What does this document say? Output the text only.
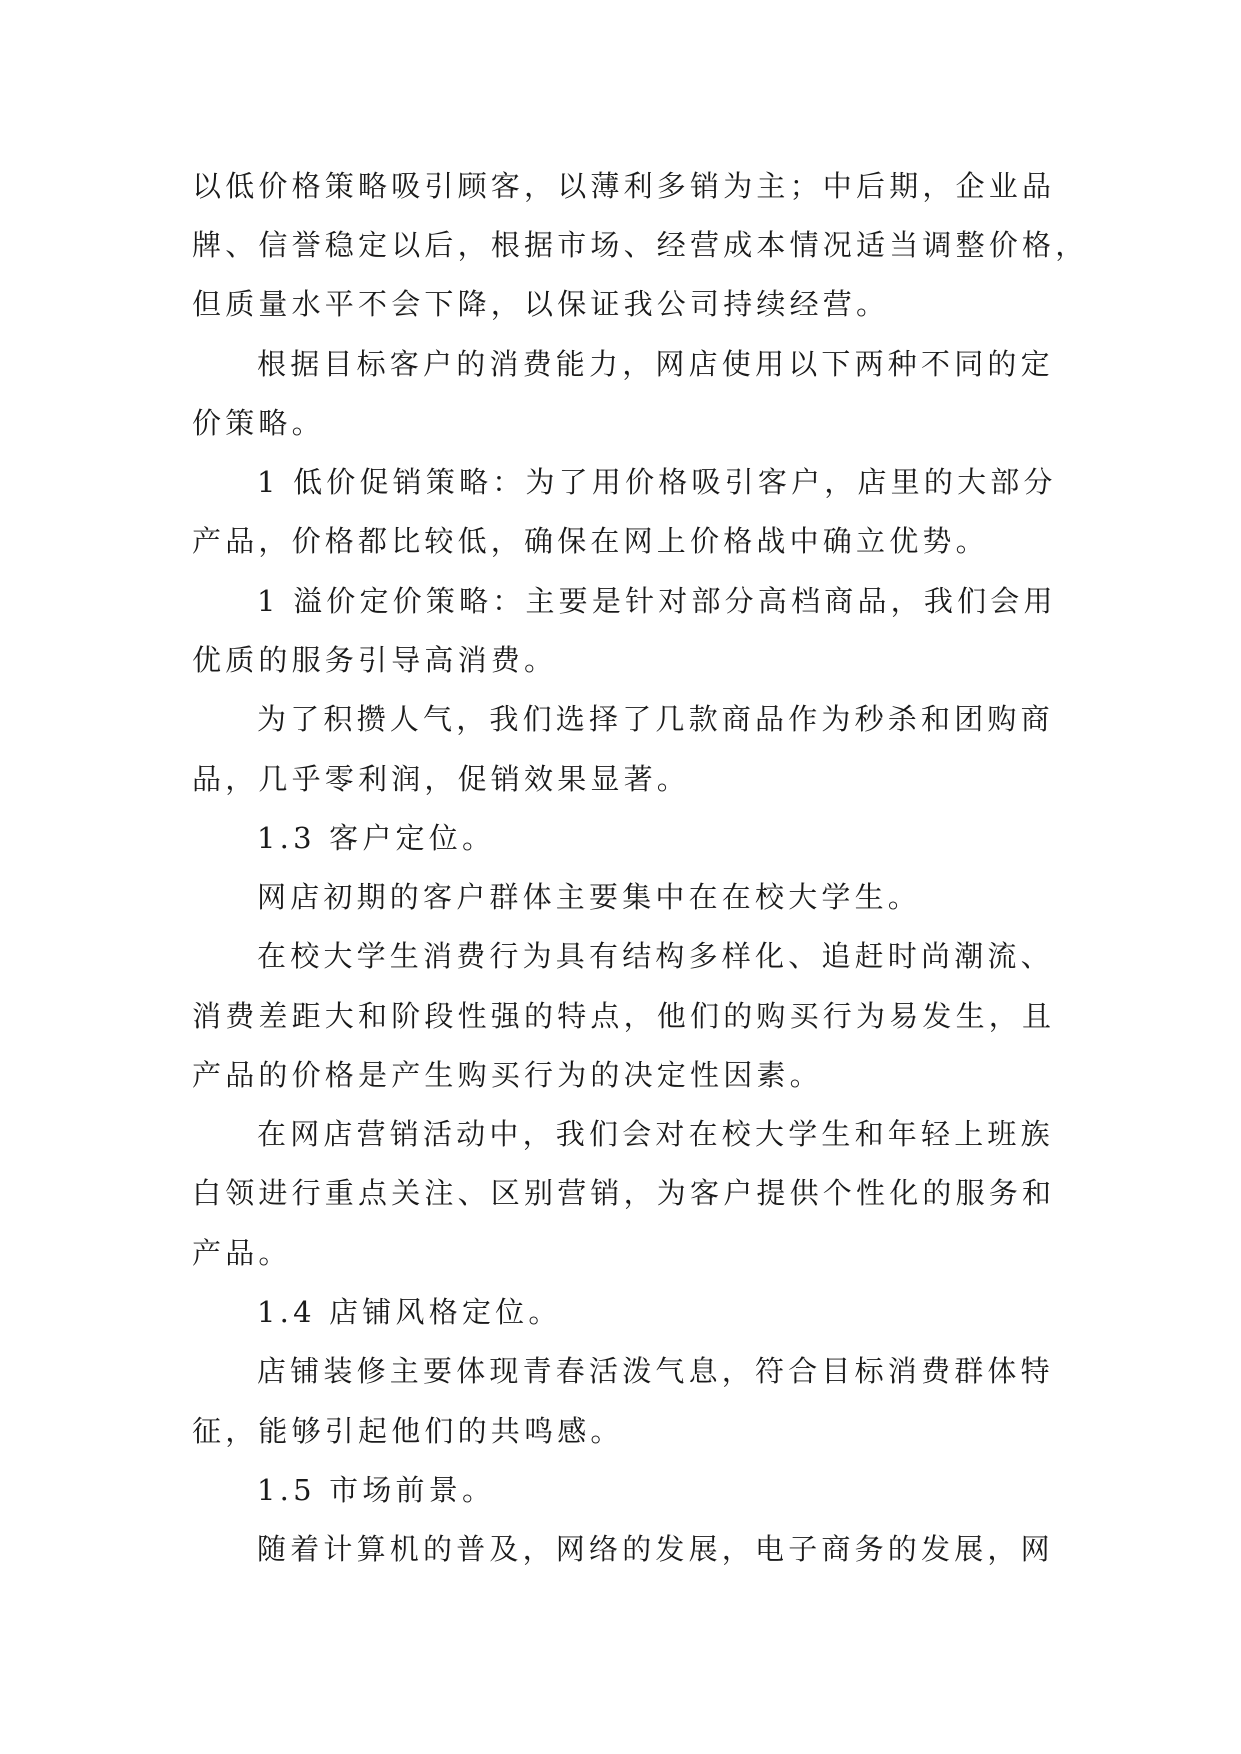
以低价格策略吸引顾客，以薄利多销为主；中后期，企业品
牌、信誉稳定以后，根据市场、经营成本情况适当调整价格，
但质量水平不会下降，以保证我公司持续经营。
根据目标客户的消费能力，网店使用以下两种不同的定
价策略。
1 低价促销策略：为了用价格吸引客户，店里的大部分
产品，价格都比较低，确保在网上价格战中确立优势。
1 溢价定价策略：主要是针对部分高档商品，我们会用
优质的服务引导高消费。
为了积攒人气，我们选择了几款商品作为秒杀和团购商
品，几乎零利润，促销效果显著。
1.3 客户定位。
网店初期的客户群体主要集中在在校大学生。
在校大学生消费行为具有结构多样化、追赶时尚潮流、
消费差距大和阶段性强的特点，他们的购买行为易发生，且
产品的价格是产生购买行为的决定性因素。
在网店营销活动中，我们会对在校大学生和年轻上班族
白领进行重点关注、区别营销，为客户提供个性化的服务和
产品。
1.4 店铺风格定位。
店铺装修主要体现青春活泼气息，符合目标消费群体特
征，能够引起他们的共鸣感。
1.5 市场前景。
随着计算机的普及，网络的发展，电子商务的发展，网
